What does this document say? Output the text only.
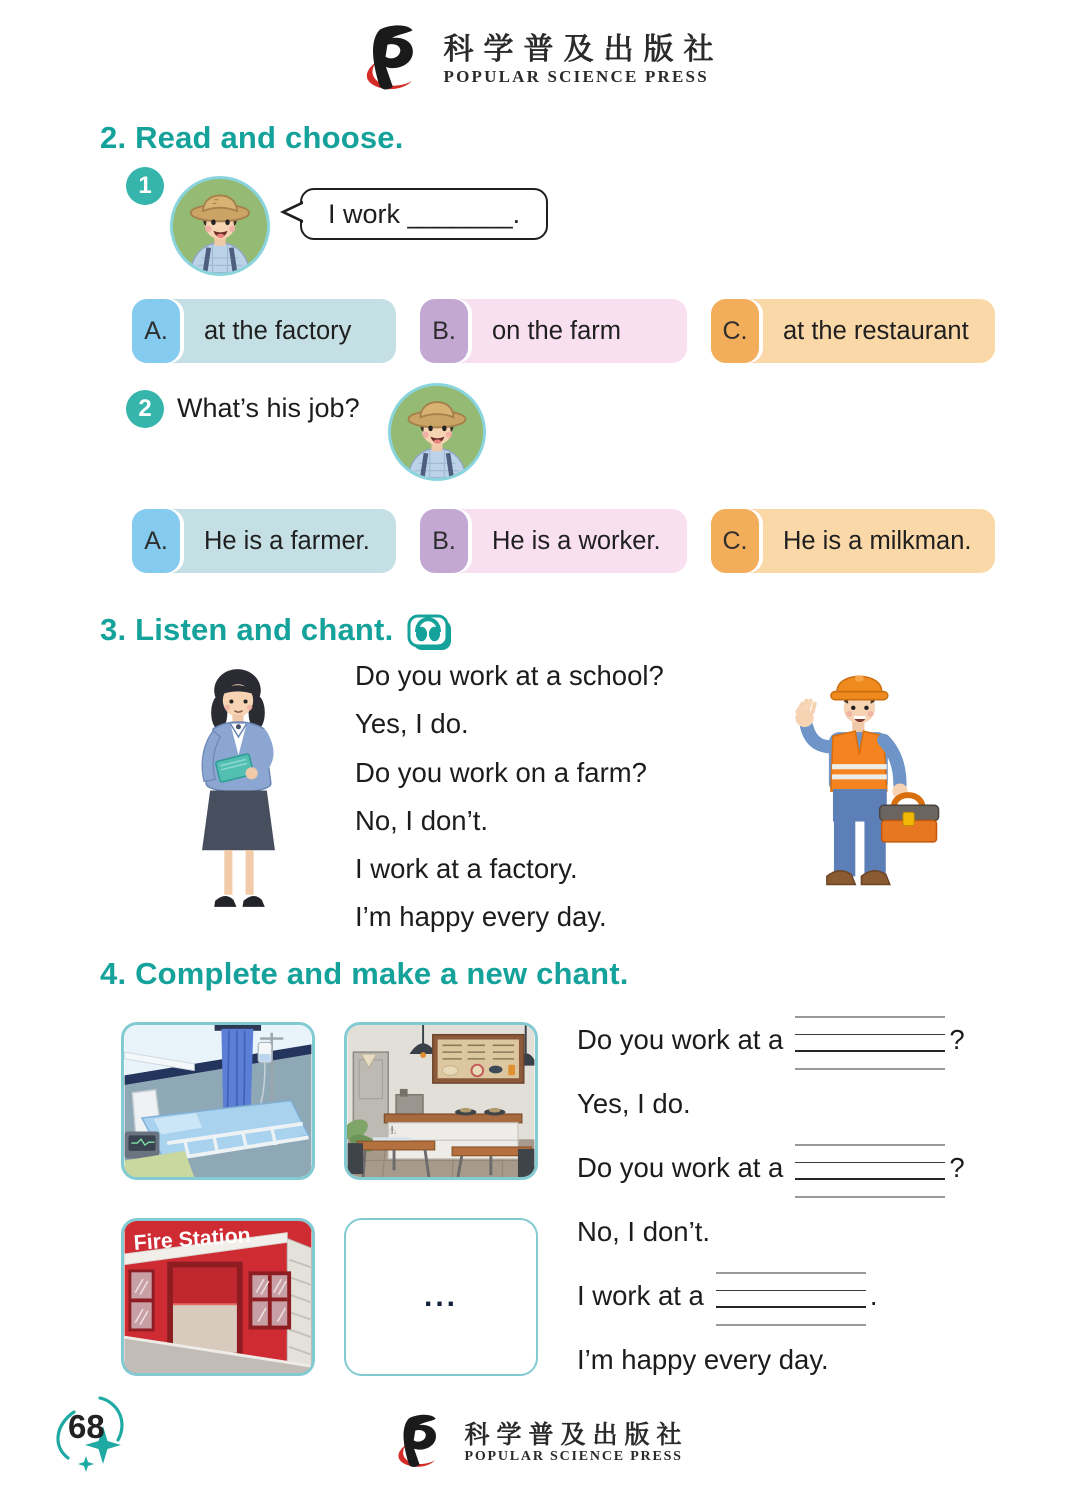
科学普及出版社
POPULAR SCIENCE PRESS
2. Read and choose.
1
I work _______.
at the factory
A.	on the farm
B.	at the restaurant
C.
2 What’s his job?
He is a farmer.
A.	He is a worker.
B.	He is a milkman.
C.
3. Listen and chant.
Do you work at a school?
Yes, I do.
Do you work on a farm?
No, I don’t.
I work at a factory.
I’m happy every day.
4. Complete and make a new chant.
Fire Station
...
Do you work at a	?
Yes, I do.
Do you work at a	?
No, I don’t.
I work at a	.
I’m happy every day.
68	科学普及出版社
POPULAR SCIENCE PRESS
